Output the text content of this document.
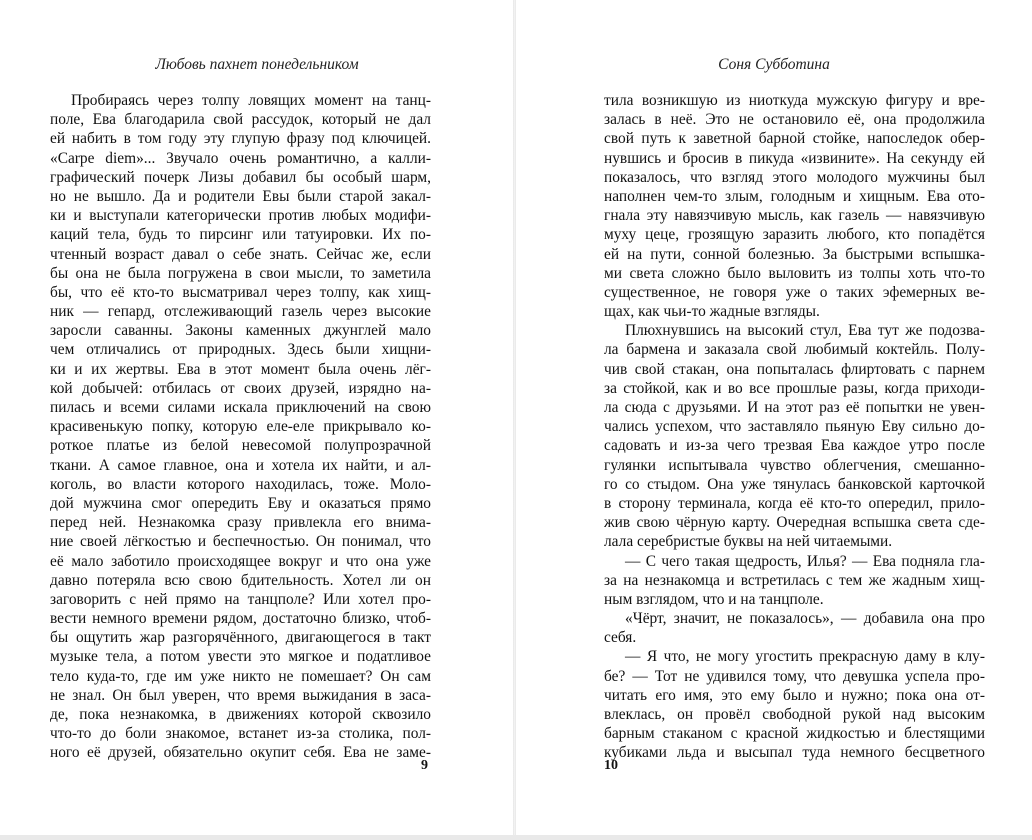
Любовь пахнет понедельником
Пробираясь через толпу ловящих момент на танц-
поле, Ева благодарила свой рассудок, который не дал
ей набить в том году эту глупую фразу под ключицей.
«Carpe diem»... Звучало очень романтично, а калли-
графический почерк Лизы добавил бы особый шарм,
но не вышло. Да и родители Евы были старой закал-
ки и выступали категорически против любых модифи-
каций тела, будь то пирсинг или татуировки. Их по-
чтенный возраст давал о себе знать. Сейчас же, если
бы она не была погружена в свои мысли, то заметила
бы, что её кто-то высматривал через толпу, как хищ-
ник — гепард, отслеживающий газель через высокие
заросли саванны. Законы каменных джунглей мало
чем отличались от природных. Здесь были хищни-
ки и их жертвы. Ева в этот момент была очень лёг-
кой добычей: отбилась от своих друзей, изрядно на-
пилась и всеми силами искала приключений на свою
красивенькую попку, которую еле-еле прикрывало ко-
роткое платье из белой невесомой полупрозрачной
ткани. А самое главное, она и хотела их найти, и ал-
коголь, во власти которого находилась, тоже. Моло-
дой мужчина смог опередить Еву и оказаться прямо
перед ней. Незнакомка сразу привлекла его внима-
ние своей лёгкостью и беспечностью. Он понимал, что
её мало заботило происходящее вокруг и что она уже
давно потеряла всю свою бдительность. Хотел ли он
заговорить с ней прямо на танцполе? Или хотел про-
вести немного времени рядом, достаточно близко, чтоб-
бы ощутить жар разгорячённого, двигающегося в такт
музыке тела, а потом увести это мягкое и податливое
тело куда-то, где им уже никто не помешает? Он сам
не знал. Он был уверен, что время выжидания в заса-
де, пока незнакомка, в движениях которой сквозило
что-то до боли знакомое, встанет из-за столика, пол-
ного её друзей, обязательно окупит себя. Ева не заме-
9
Соня Субботина
тила возникшую из ниоткуда мужскую фигуру и вре-
залась в неё. Это не остановило её, она продолжила
свой путь к заветной барной стойке, напоследок обер-
нувшись и бросив в пикуда «извините». На секунду ей
показалось, что взгляд этого молодого мужчины был
наполнен чем-то злым, голодным и хищным. Ева ото-
гнала эту навязчивую мысль, как газель — навязчивую
муху цеце, грозящую заразить любого, кто попадётся
ей на пути, сонной болезнью. За быстрыми вспышка-
ми света сложно было выловить из толпы хоть что-то
существенное, не говоря уже о таких эфемерных ве-
щах, как чьи-то жадные взгляды.
Плюхнувшись на высокий стул, Ева тут же подозва-
ла бармена и заказала свой любимый коктейль. Полу-
чив свой стакан, она попыталась флиртовать с парнем
за стойкой, как и во все прошлые разы, когда приходи-
ла сюда с друзьями. И на этот раз её попытки не увен-
чались успехом, что заставляло пьяную Еву сильно до-
садовать и из-за чего трезвая Ева каждое утро после
гулянки испытывала чувство облегчения, смешанно-
го со стыдом. Она уже тянулась банковской карточкой
в сторону терминала, когда её кто-то опередил, прило-
жив свою чёрную карту. Очередная вспышка света сде-
лала серебристые буквы на ней читаемыми.
— С чего такая щедрость, Илья? — Ева подняла гла-
за на незнакомца и встретилась с тем же жадным хищ-
ным взглядом, что и на танцполе.
«Чёрт, значит, не показалось», — добавила она про
себя.
— Я что, не могу угостить прекрасную даму в клу-
бе? — Тот не удивился тому, что девушка успела про-
читать его имя, это ему было и нужно; пока она от-
влеклась, он провёл свободной рукой над высоким
барным стаканом с красной жидкостью и блестящими
кубиками льда и высыпал туда немного бесцветного
10
